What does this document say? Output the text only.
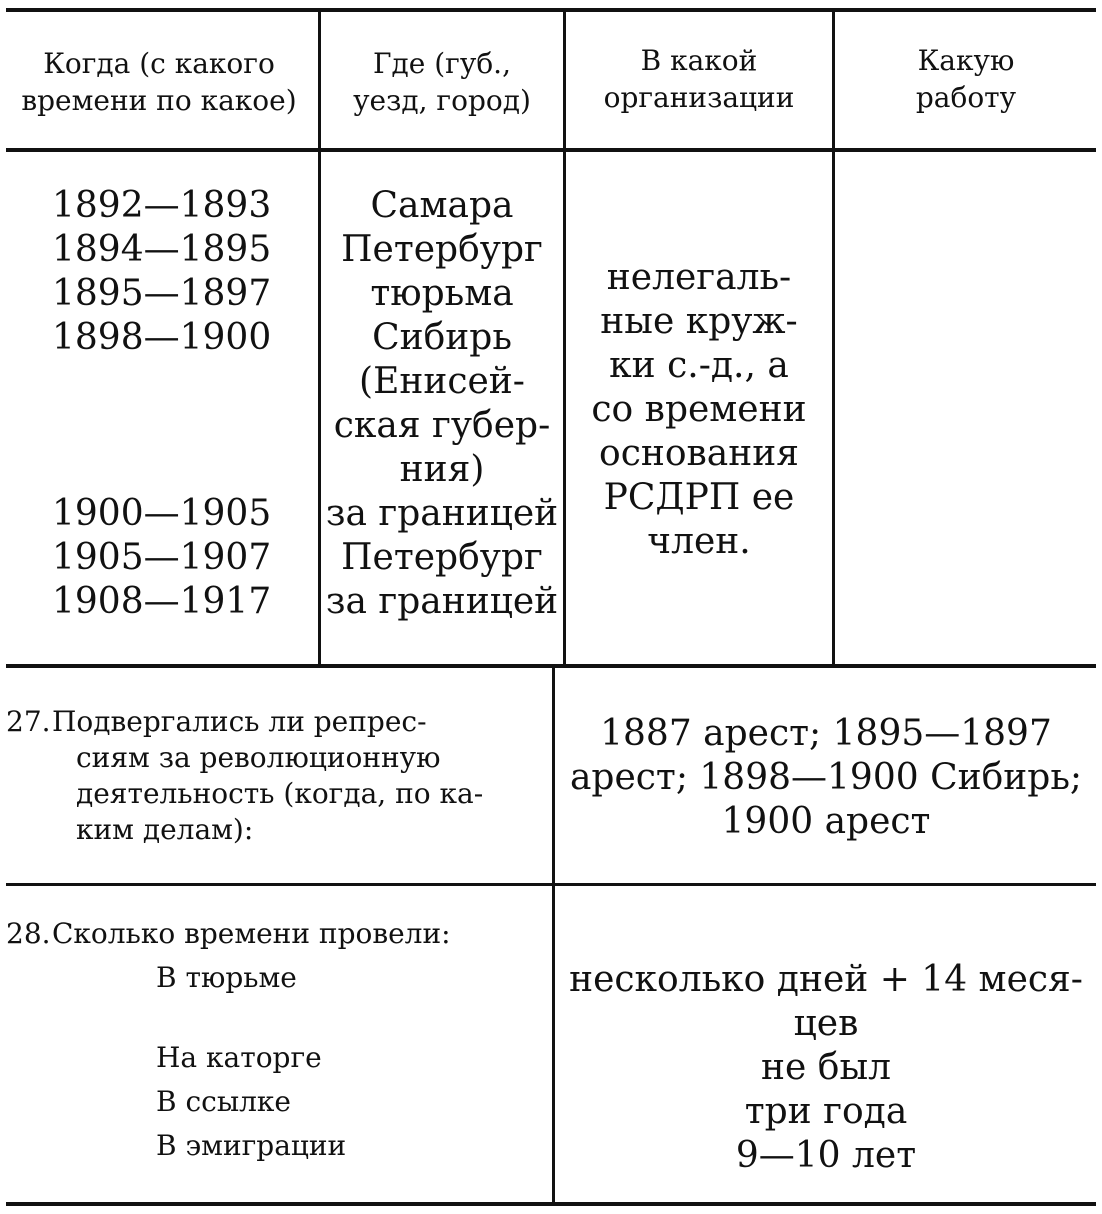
Когда (с какого
времени по какое)
Где (губ.,
уезд, город)
В какой
организации
Какую
работу
1892—1893
1894—1895
1895—1897
1898—1900
1900—1905
1905—1907
1908—1917
Самара
Петербург
тюрьма
Сибирь
(Енисей-
ская губер-
ния)
за границей
Петербург
за границей
нелегаль-
ные круж-
ки с.-д., а
со времени
основания
РСДРП ее
член.
27.Подвергались ли репрес-
сиям за революционную
деятельность (когда, по ка-
ким делам):
1887 арест; 1895—1897
арест; 1898—1900 Сибирь;
1900 арест
28.Сколько времени провели:
В тюрьме
На каторге
В ссылке
В эмиграции
несколько дней + 14 меся-
цев
не был
три года
9—10 лет
